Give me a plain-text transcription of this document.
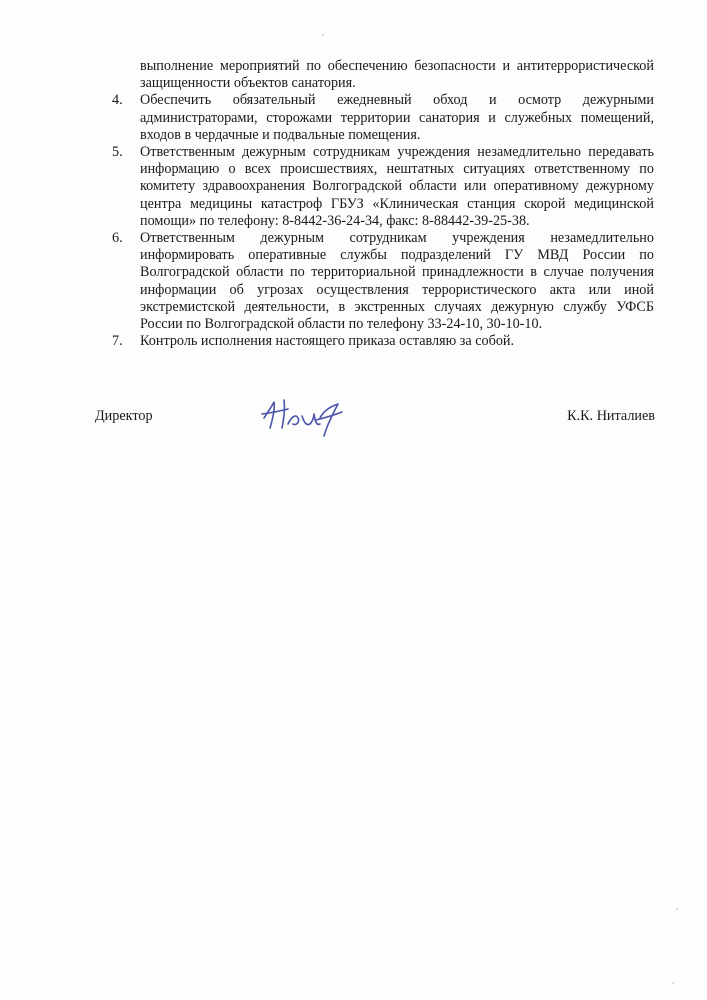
выполнение мероприятий по обеспечению безопасности и антитеррористической защищенности объектов санатория.
4.	Обеспечить обязательный ежедневный обход и осмотр дежурными администраторами, сторожами территории санатория и служебных помещений, входов в чердачные и подвальные помещения.
5.	Ответственным дежурным сотрудникам учреждения незамедлительно передавать информацию о всех происшествиях, нештатных ситуациях ответственному по комитету здравоохранения Волгоградской области или оперативному дежурному центра медицины катастроф ГБУЗ «Клиническая станция скорой медицинской помощи» по телефону: 8-8442-36-24-34, факс: 8-88442-39-25-38.
6.	Ответственным дежурным сотрудникам учреждения незамедлительно информировать оперативные службы подразделений ГУ МВД России по Волгоградской области по территориальной принадлежности в случае получения информации об угрозах осуществления террористического акта или иной экстремистской деятельности, в экстренных случаях дежурную службу УФСБ России по Волгоградской области по телефону 33-24-10, 30-10-10.
7.	Контроль исполнения настоящего приказа оставляю за собой.
Директор	К.К. Ниталиев
